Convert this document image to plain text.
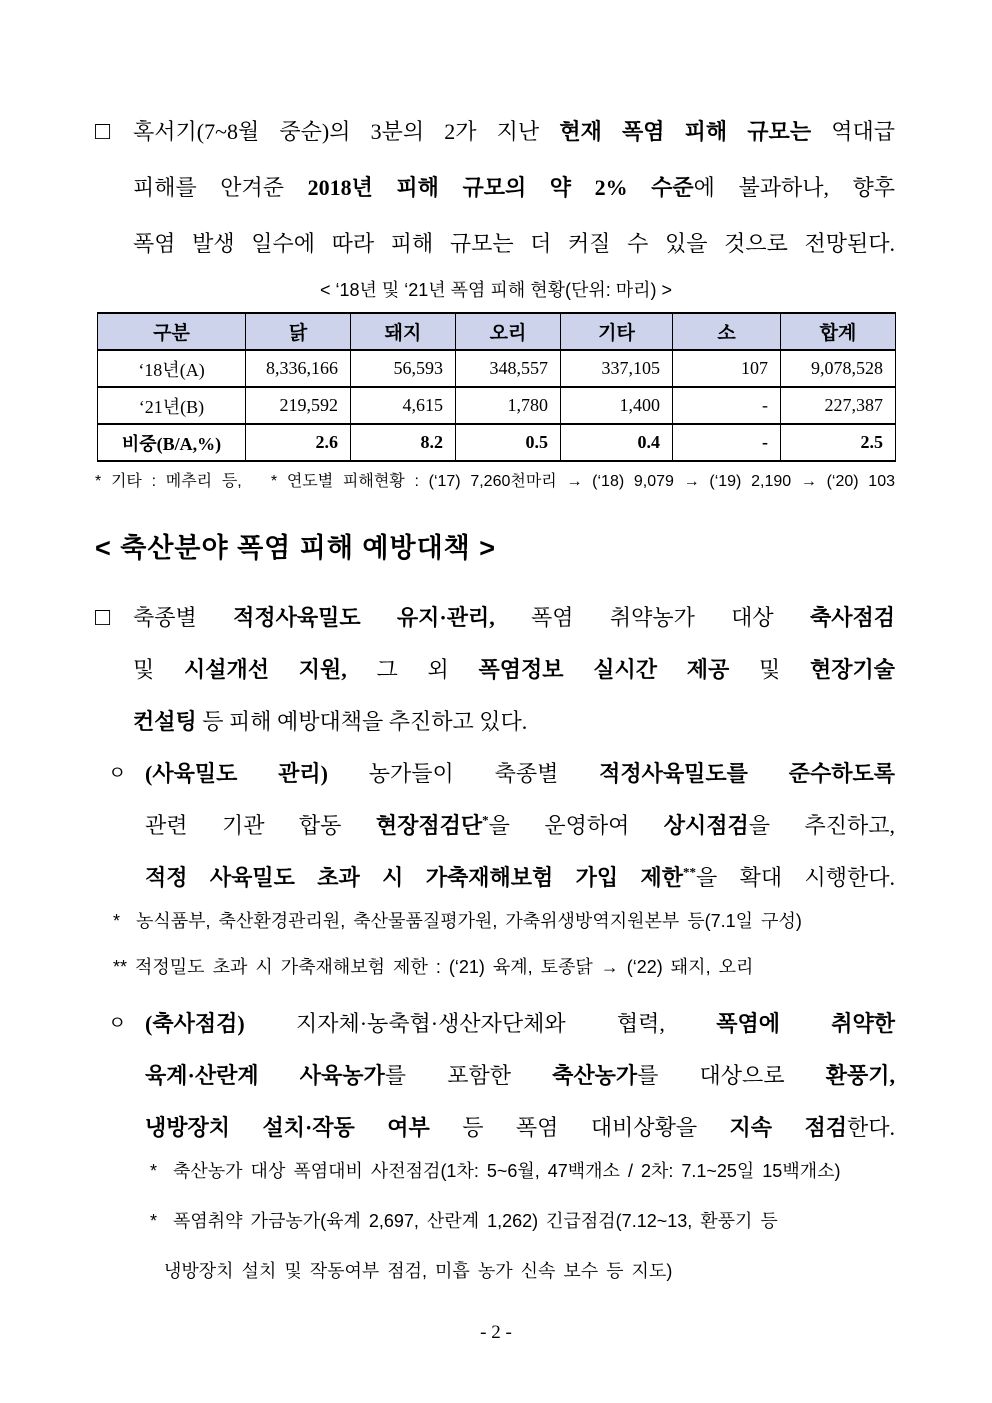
□ 혹서기(7~8월 중순)의 3분의 2가 지난 현재 폭염 피해 규모는 역대급
피해를 안겨준 2018년 피해 규모의 약 2% 수준에 불과하나, 향후
폭염 발생 일수에 따라 피해 규모는 더 커질 수 있을 것으로 전망된다.
< ‘18년 및 ‘21년 폭염 피해 현황(단위: 마리) >
구분	닭	돼지	오리	기타	소	합계
‘18년(A)	8,336,166	56,593	348,557	337,105	107	9,078,528
‘21년(B)	219,592	4,615	1,780	1,400	-	227,387
비중(B/A,%)	2.6	8.2	0.5	0.4	-	2.5
* 기타 : 메추리 등,   * 연도별 피해현황 : (‘17) 7,260천마리 → (‘18) 9,079 → (‘19) 2,190 → (‘20) 103
< 축산분야 폭염 피해 예방대책 >
□ 축종별 적정사육밀도 유지·관리, 폭염 취약농가 대상 축사점검
및 시설개선 지원, 그 외 폭염정보 실시간 제공 및 현장기술
컨설팅 등 피해 예방대책을 추진하고 있다.
ㅇ (사육밀도 관리) 농가들이 축종별 적정사육밀도를 준수하도록
관련 기관 합동 현장점검단*을 운영하여 상시점검을 추진하고,
적정 사육밀도 초과 시 가축재해보험 가입 제한**을 확대 시행한다.
*  농식품부, 축산환경관리원, 축산물품질평가원, 가축위생방역지원본부 등(7.1일 구성)
** 적정밀도 초과 시 가축재해보험 제한 : (‘21) 육계, 토종닭 → (‘22) 돼지, 오리
ㅇ (축사점검) 지자체·농축협·생산자단체와 협력, 폭염에 취약한
육계·산란계 사육농가를 포함한 축산농가를 대상으로 환풍기,
냉방장치 설치·작동 여부 등 폭염 대비상황을 지속 점검한다.
*  축산농가 대상 폭염대비 사전점검(1차: 5~6월, 47백개소 / 2차: 7.1~25일 15백개소)
*  폭염취약 가금농가(육계 2,697, 산란계 1,262) 긴급점검(7.12~13, 환풍기 등
냉방장치 설치 및 작동여부 점검, 미흡 농가 신속 보수 등 지도)
- 2 -
